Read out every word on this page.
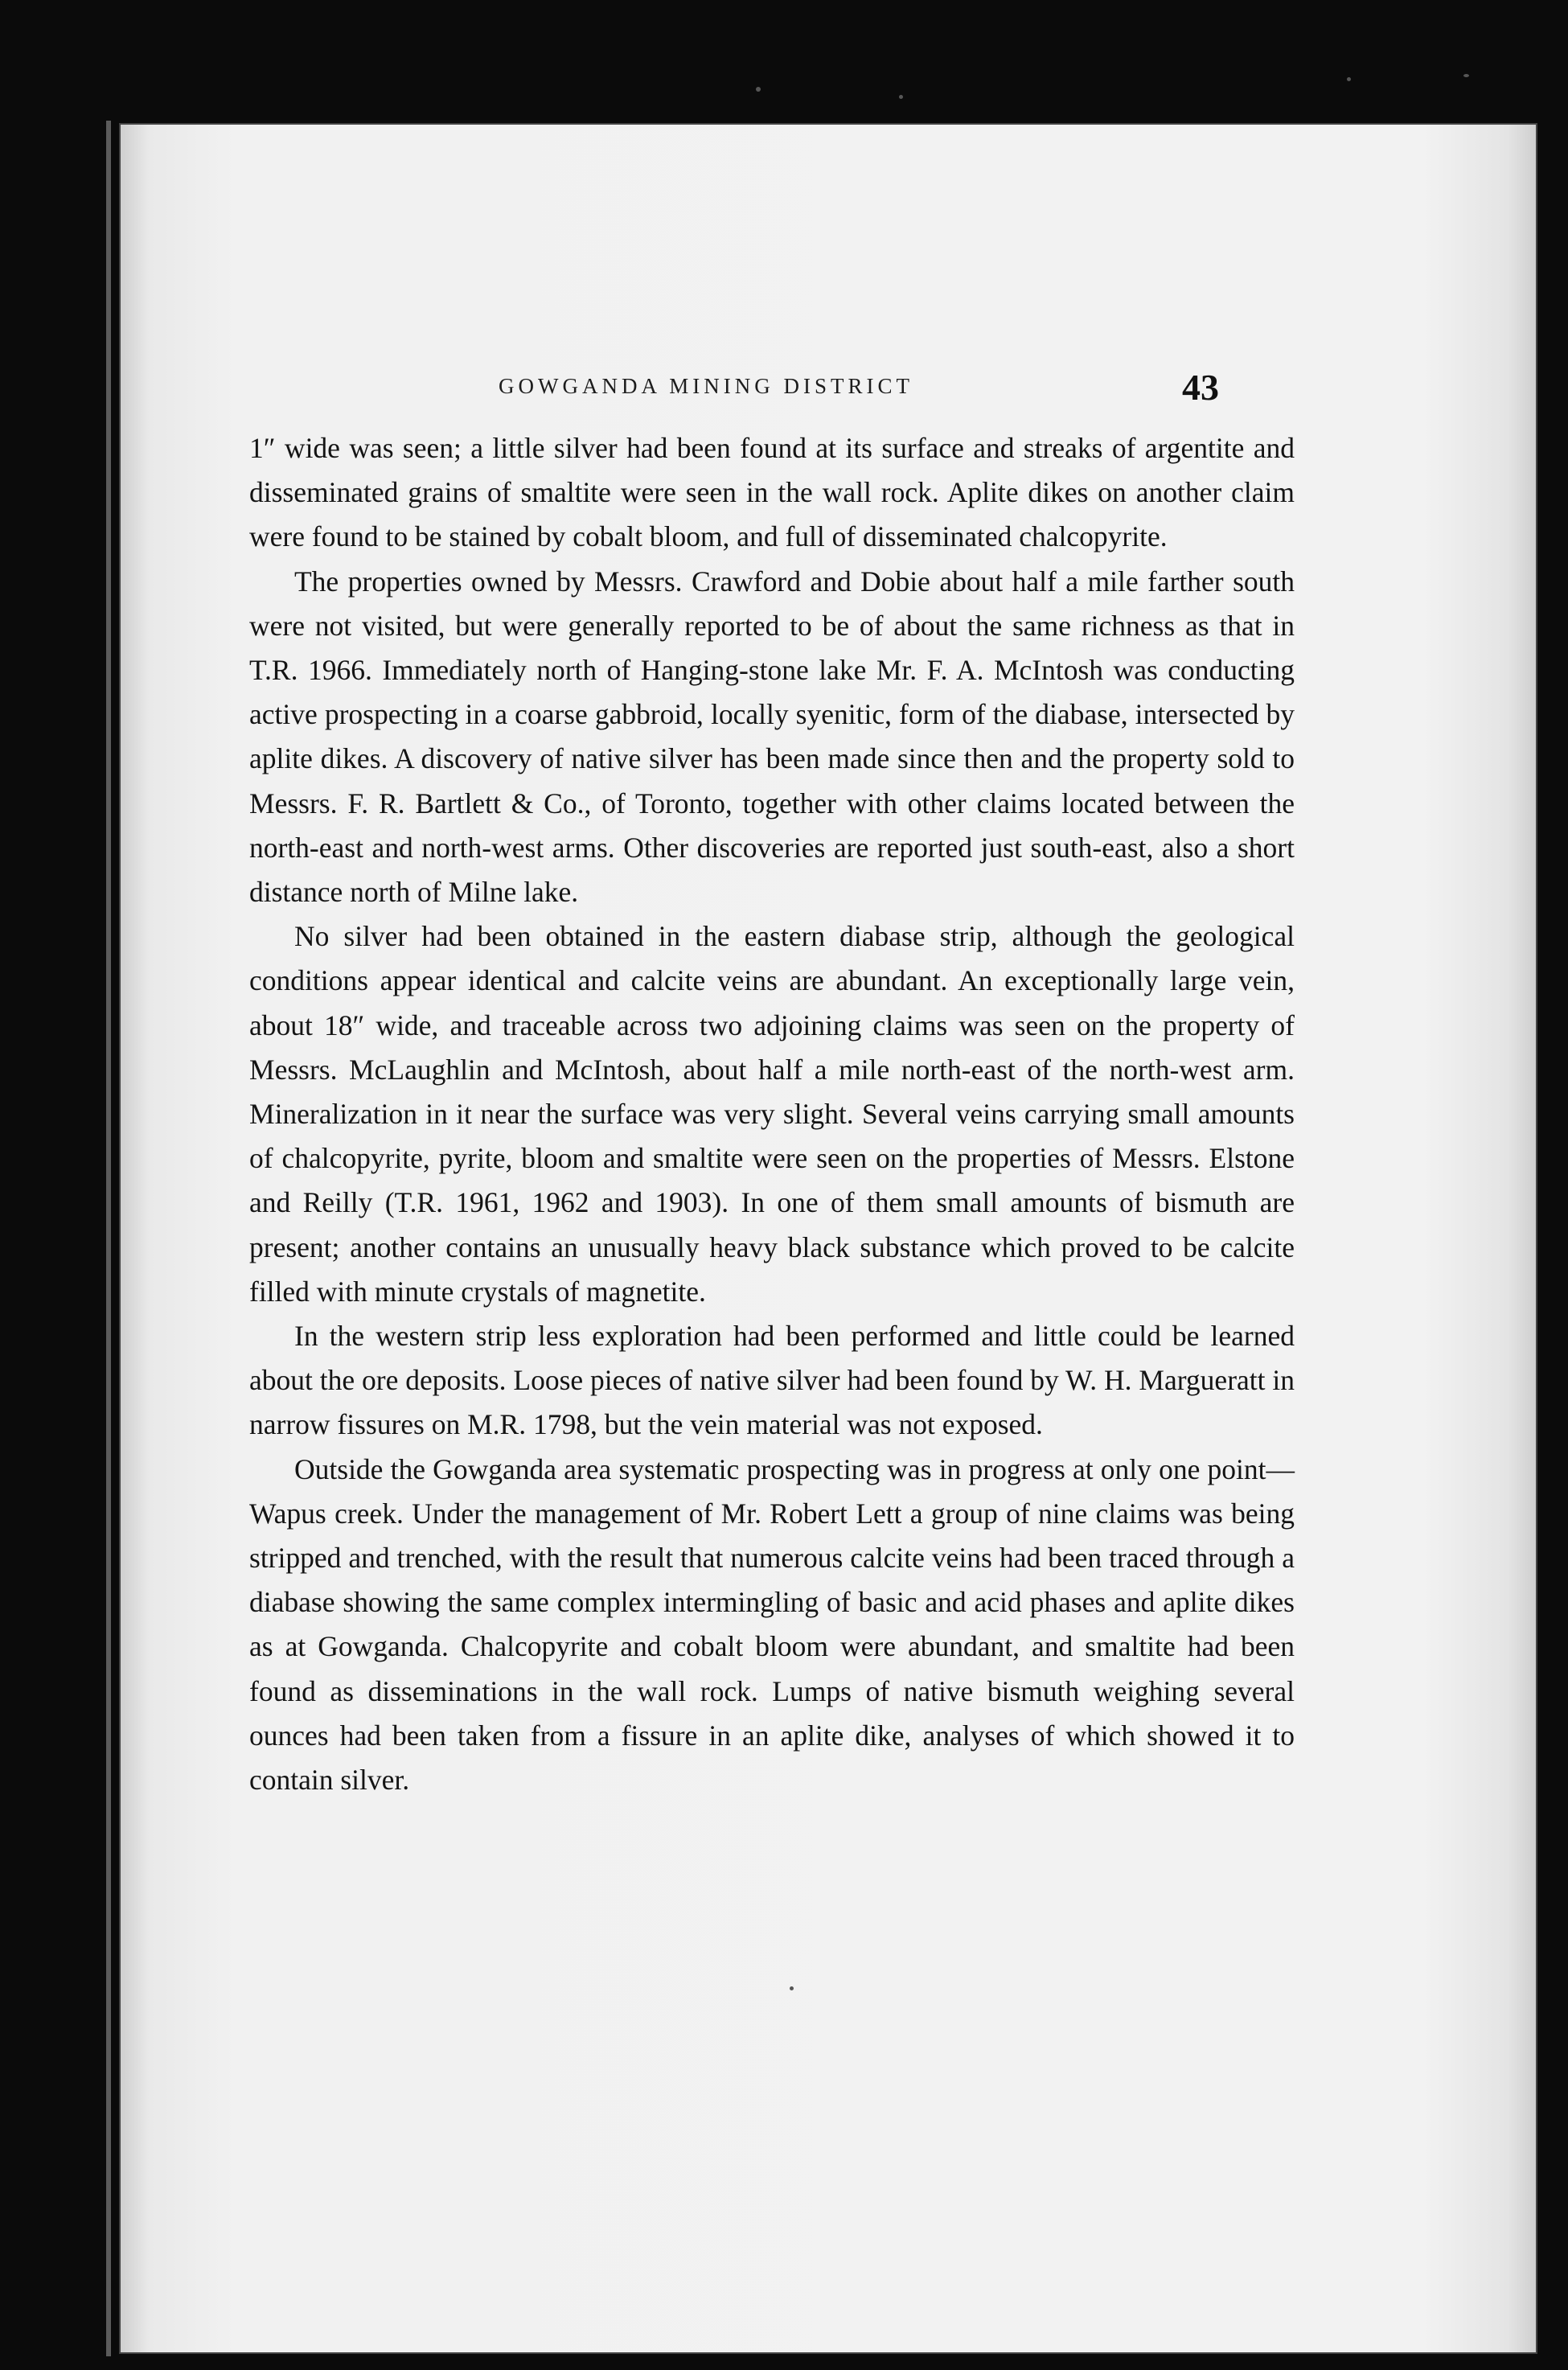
GOWGANDA MINING DISTRICT	43

1″ wide was seen; a little silver had been found at its surface and streaks of argentite and disseminated grains of smaltite were seen in the wall rock. Aplite dikes on another claim were found to be stained by cobalt bloom, and full of disseminated chalcopyrite.

The properties owned by Messrs. Crawford and Dobie about half a mile farther south were not visited, but were generally reported to be of about the same richness as that in T.R. 1966. Immediately north of Hanging-stone lake Mr. F. A. McIntosh was conducting active prospecting in a coarse gabbroid, locally syenitic, form of the diabase, intersected by aplite dikes. A discovery of native silver has been made since then and the property sold to Messrs. F. R. Bartlett & Co., of Toronto, together with other claims located between the north-east and north-west arms. Other discoveries are reported just south-east, also a short distance north of Milne lake.

No silver had been obtained in the eastern diabase strip, although the geological conditions appear identical and calcite veins are abundant. An exceptionally large vein, about 18″ wide, and traceable across two adjoining claims was seen on the property of Messrs. McLaughlin and McIntosh, about half a mile north-east of the north-west arm. Mineralization in it near the surface was very slight. Several veins carrying small amounts of chalcopyrite, pyrite, bloom and smaltite were seen on the properties of Messrs. Elstone and Reilly (T.R. 1961, 1962 and 1903). In one of them small amounts of bismuth are present; another contains an unusually heavy black substance which proved to be calcite filled with minute crystals of magnetite.

In the western strip less exploration had been performed and little could be learned about the ore deposits. Loose pieces of native silver had been found by W. H. Margueratt in narrow fissures on M.R. 1798, but the vein material was not exposed.

Outside the Gowganda area systematic prospecting was in progress at only one point—Wapus creek. Under the management of Mr. Robert Lett a group of nine claims was being stripped and trenched, with the result that numerous calcite veins had been traced through a diabase showing the same complex intermingling of basic and acid phases and aplite dikes as at Gowganda. Chalcopyrite and cobalt bloom were abundant, and smaltite had been found as disseminations in the wall rock. Lumps of native bismuth weighing several ounces had been taken from a fissure in an aplite dike, analyses of which showed it to contain silver.
